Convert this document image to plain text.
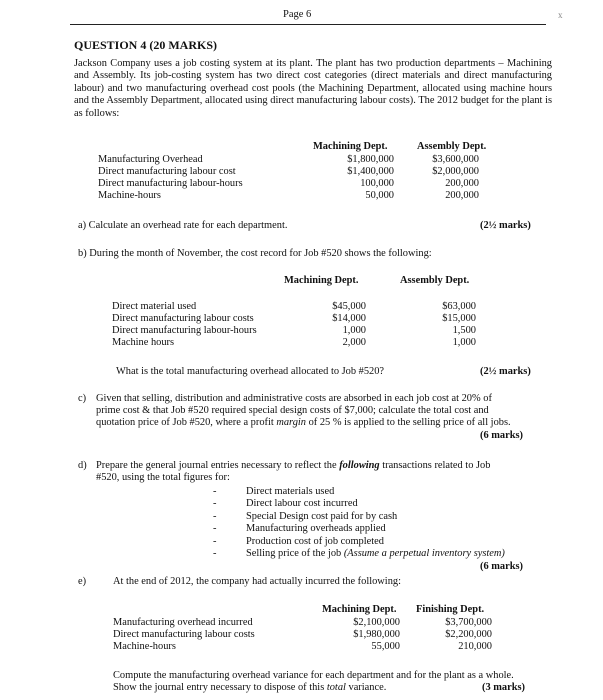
Page 6	x
QUESTION 4 (20 MARKS)
Jackson Company uses a job costing system at its plant. The plant has two production departments – Machining and Assembly. Its job-costing system has two direct cost categories (direct materials and direct manufacturing labour) and two manufacturing overhead cost pools (the Machining Department, allocated using machine hours and the Assembly Department, allocated using direct manufacturing labour costs). The 2012 budget for the plant is as follows:
Machining Dept.	Assembly Dept.
Manufacturing Overhead	$1,800,000	$3,600,000
Direct manufacturing labour cost	$1,400,000	$2,000,000
Direct manufacturing labour-hours	100,000	200,000
Machine-hours	50,000	200,000
a) Calculate an overhead rate for each department.	(2½ marks)
b) During the month of November, the cost record for Job #520 shows the following:
Machining Dept.	Assembly Dept.
Direct material used	$45,000	$63,000
Direct manufacturing labour costs	$14,000	$15,000
Direct manufacturing labour-hours	1,000	1,500
Machine hours	2,000	1,000
What is the total manufacturing overhead allocated to Job #520?	(2½ marks)
c) Given that selling, distribution and administrative costs are absorbed in each job cost at 20% of
prime cost & that Job #520 required special design costs of $7,000; calculate the total cost and
quotation price of Job #520, where a profit margin of 25 % is applied to the selling price of all jobs.
(6 marks)
d) Prepare the general journal entries necessary to reflect the following transactions related to Job
#520, using the total figures for:
-	Direct materials used
-	Direct labour cost incurred
-	Special Design cost paid for by cash
-	Manufacturing overheads applied
-	Production cost of job completed
-	Selling price of the job (Assume a perpetual inventory system)
(6 marks)
e)	At the end of 2012, the company had actually incurred the following:
Machining Dept. Finishing Dept.
Manufacturing overhead incurred	$2,100,000	$3,700,000
Direct manufacturing labour costs	$1,980,000	$2,200,000
Machine-hours	55,000	210,000
Compute the manufacturing overhead variance for each department and for the plant as a whole.
Show the journal entry necessary to dispose of this total variance.	(3 marks)
